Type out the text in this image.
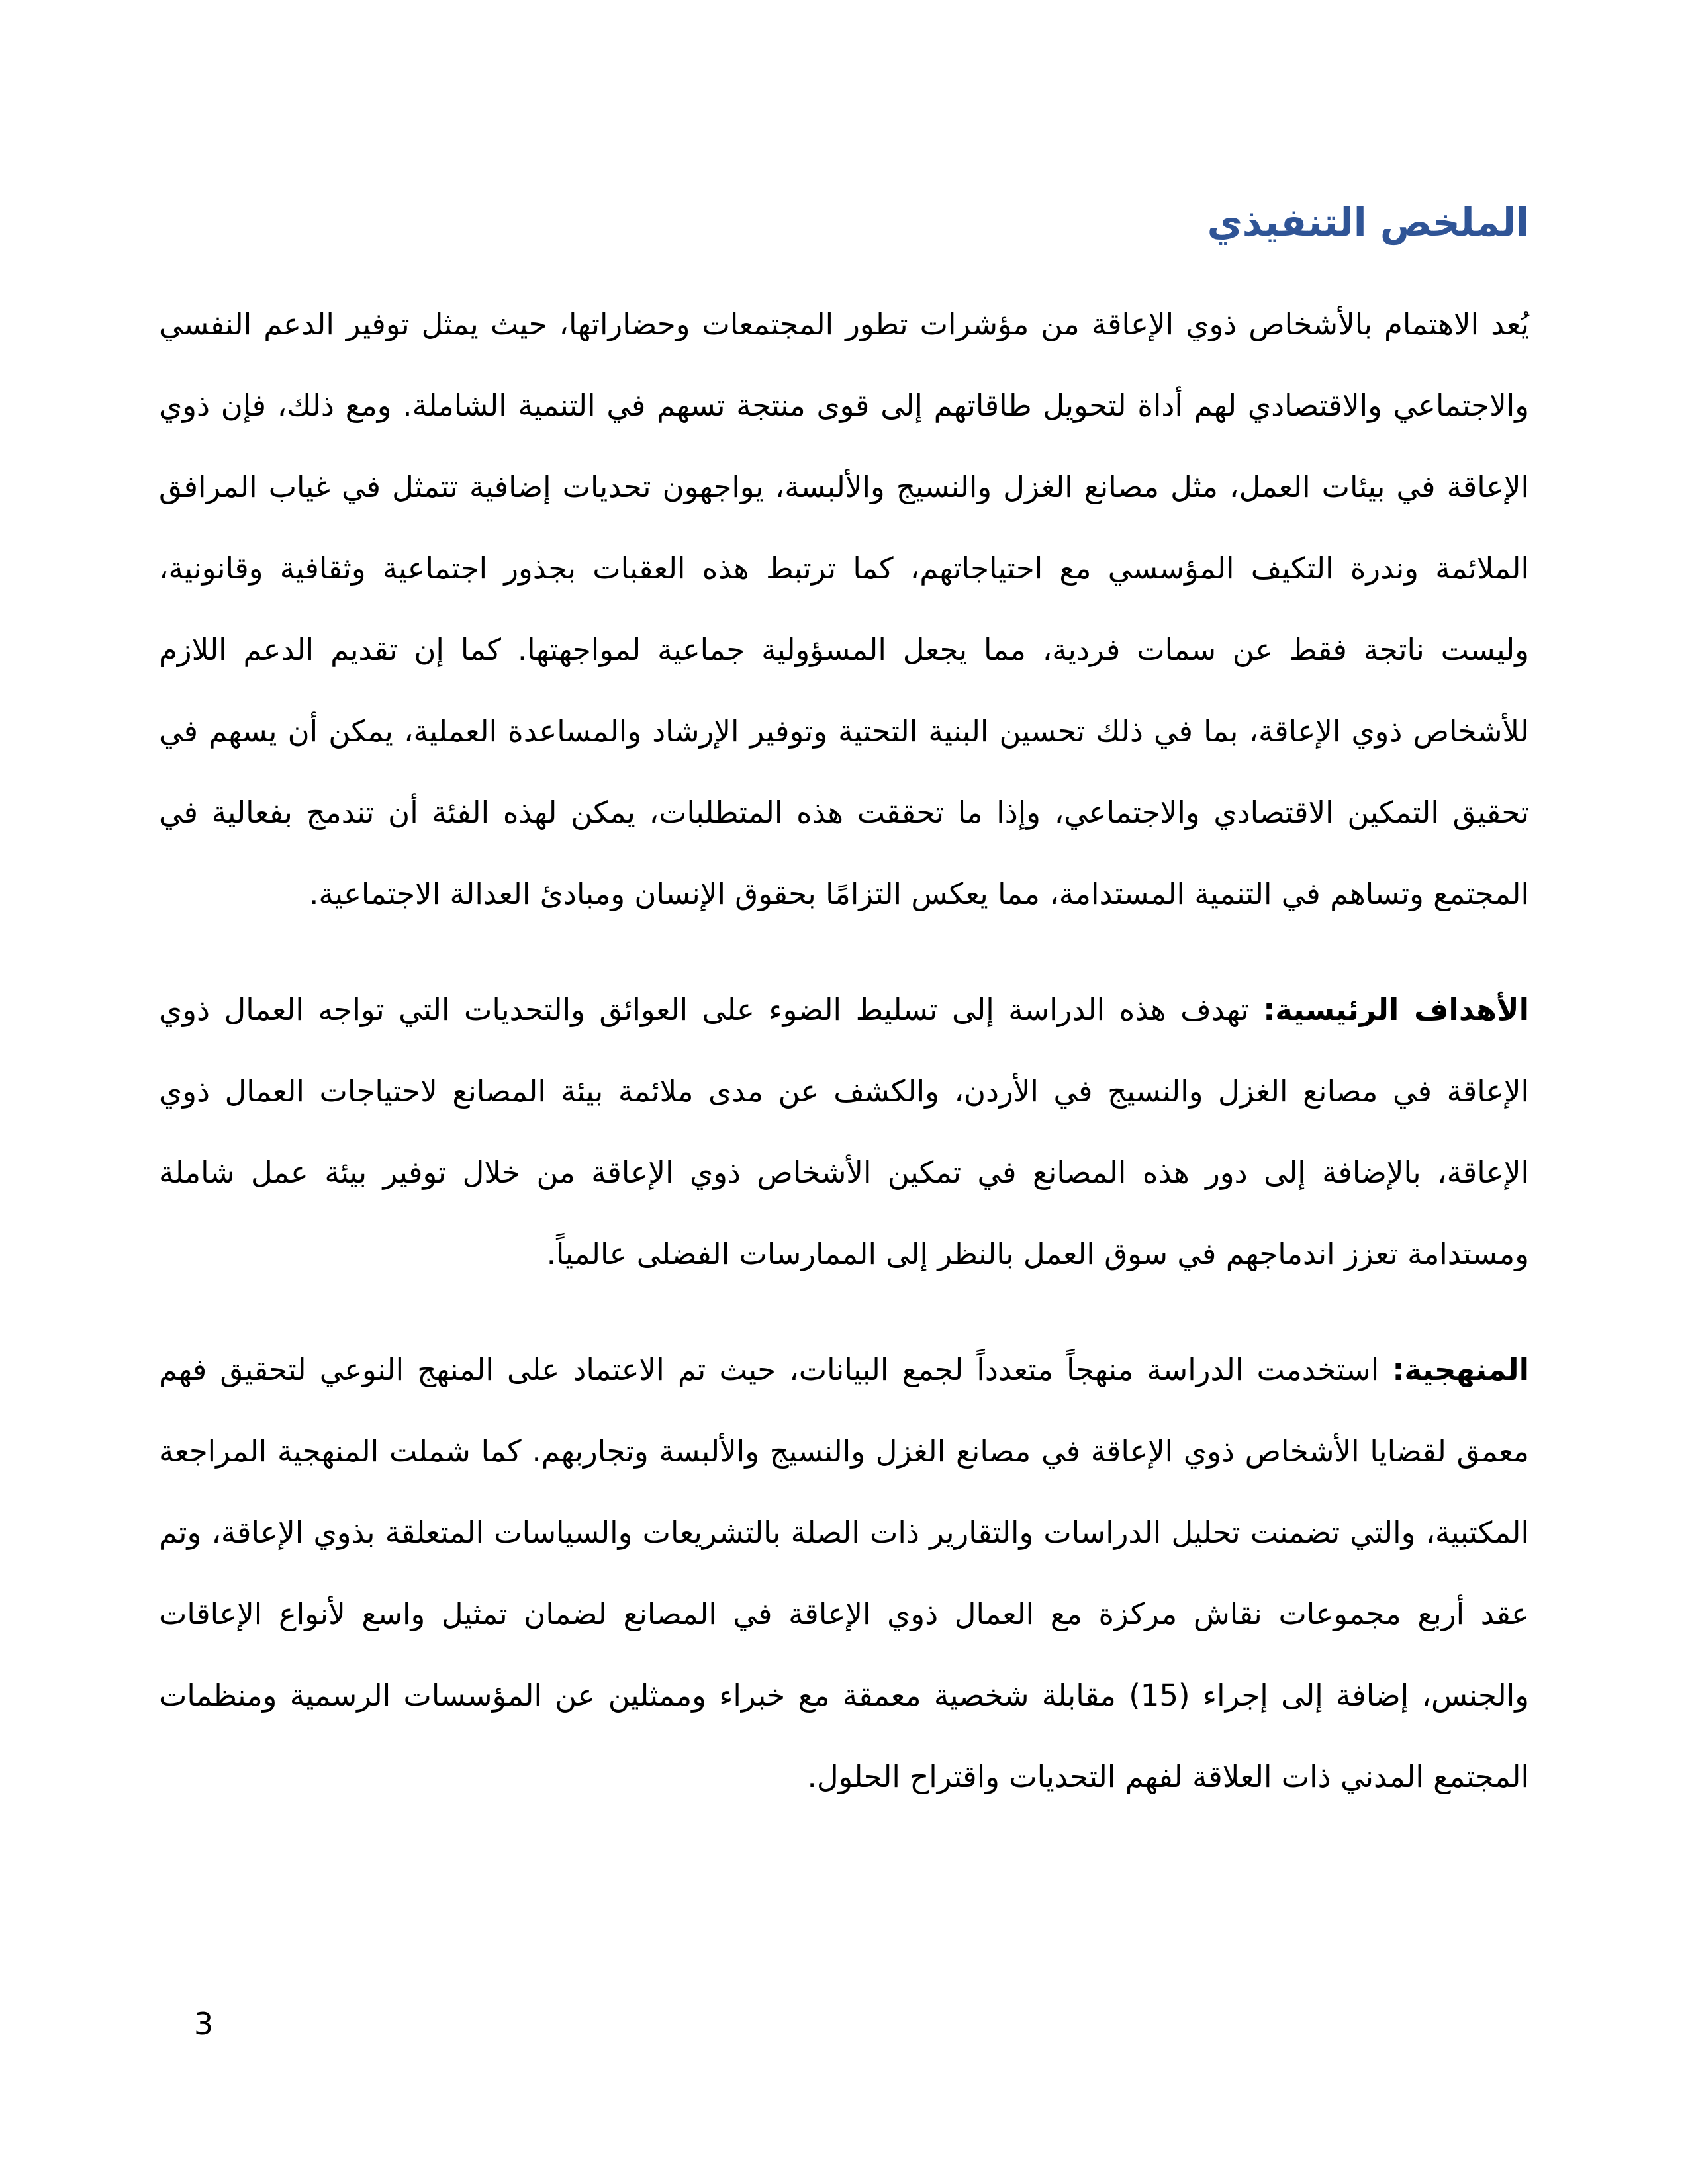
الملخص التنفيذي

يُعد الاهتمام بالأشخاص ذوي الإعاقة من مؤشرات تطور المجتمعات وحضاراتها، حيث يمثل توفير الدعم النفسي والاجتماعي والاقتصادي لهم أداة لتحويل طاقاتهم إلى قوى منتجة تسهم في التنمية الشاملة. ومع ذلك، فإن ذوي الإعاقة في بيئات العمل، مثل مصانع الغزل والنسيج والألبسة، يواجهون تحديات إضافية تتمثل في غياب المرافق الملائمة وندرة التكيف المؤسسي مع احتياجاتهم، كما ترتبط هذه العقبات بجذور اجتماعية وثقافية وقانونية، وليست ناتجة فقط عن سمات فردية، مما يجعل المسؤولية جماعية لمواجهتها. كما إن تقديم الدعم اللازم للأشخاص ذوي الإعاقة، بما في ذلك تحسين البنية التحتية وتوفير الإرشاد والمساعدة العملية، يمكن أن يسهم في تحقيق التمكين الاقتصادي والاجتماعي، وإذا ما تحققت هذه المتطلبات، يمكن لهذه الفئة أن تندمج بفعالية في المجتمع وتساهم في التنمية المستدامة، مما يعكس التزامًا بحقوق الإنسان ومبادئ العدالة الاجتماعية.

الأهداف الرئيسية: تهدف هذه الدراسة إلى تسليط الضوء على العوائق والتحديات التي تواجه العمال ذوي الإعاقة في مصانع الغزل والنسيج في الأردن، والكشف عن مدى ملائمة بيئة المصانع لاحتياجات العمال ذوي الإعاقة، بالإضافة إلى دور هذه المصانع في تمكين الأشخاص ذوي الإعاقة من خلال توفير بيئة عمل شاملة ومستدامة تعزز اندماجهم في سوق العمل بالنظر إلى الممارسات الفضلى عالمياً.

المنهجية: استخدمت الدراسة منهجاً متعدداً لجمع البيانات، حيث تم الاعتماد على المنهج النوعي لتحقيق فهم معمق لقضايا الأشخاص ذوي الإعاقة في مصانع الغزل والنسيج والألبسة وتجاربهم. كما شملت المنهجية المراجعة المكتبية، والتي تضمنت تحليل الدراسات والتقارير ذات الصلة بالتشريعات والسياسات المتعلقة بذوي الإعاقة، وتم عقد أربع مجموعات نقاش مركزة مع العمال ذوي الإعاقة في المصانع لضمان تمثيل واسع لأنواع الإعاقات والجنس، إضافة إلى إجراء (15) مقابلة شخصية معمقة مع خبراء وممثلين عن المؤسسات الرسمية ومنظمات المجتمع المدني ذات العلاقة لفهم التحديات واقتراح الحلول.

3
